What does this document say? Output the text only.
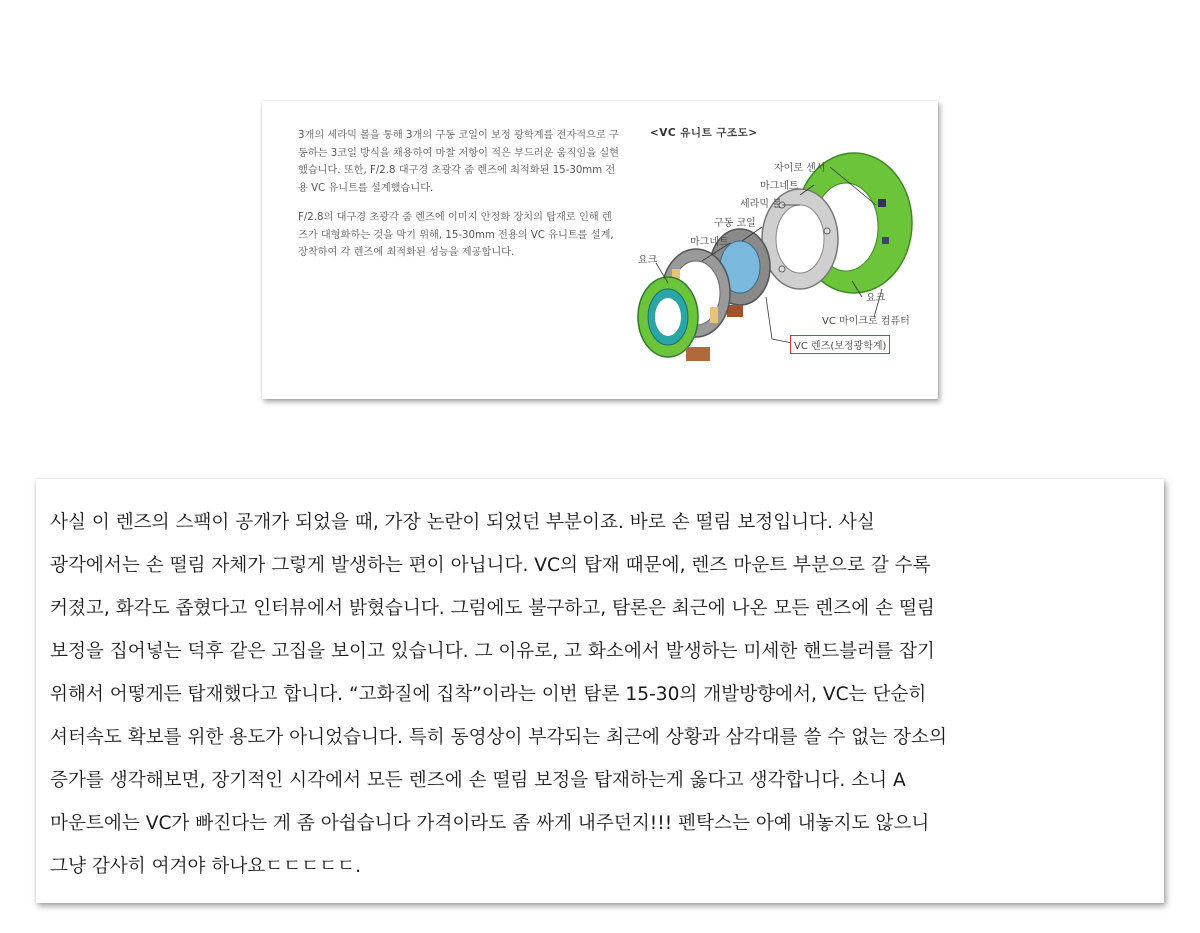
3개의 세라믹 볼을 통해 3개의 구동 코일이 보정 광학계를 전자적으로 구동하는 3코일 방식을 채용하여 마찰 저항이 적은 부드러운 움직임을 실현했습니다. 또한, F/2.8 대구경 초광각 줌 렌즈에 최적화된 15-30mm 전용 VC 유니트를 설계했습니다.

F/2.8의 대구경 초광각 줌 렌즈에 이미지 안정화 장치의 탑재로 인해 렌즈가 대형화하는 것을 막기 위해, 15-30mm 전용의 VC 유니트를 설계, 장착하여 각 렌즈에 최적화된 성능을 제공합니다.

<VC 유니트 구조도>
자이로 센서
마그네트
세라믹 볼
구동 코일
마그네트
요크
요크
VC 마이크로 컴퓨터
VC 렌즈(보정광학계)
사실 이 렌즈의 스팩이 공개가 되었을 때, 가장 논란이 되었던 부분이죠. 바로 손 떨림 보정입니다. 사실
광각에서는 손 떨림 자체가 그렇게 발생하는 편이 아닙니다. VC의 탑재 때문에, 렌즈 마운트 부분으로 갈 수록
커졌고, 화각도 좁혔다고 인터뷰에서 밝혔습니다. 그럼에도 불구하고, 탐론은 최근에 나온 모든 렌즈에 손 떨림
보정을 집어넣는 덕후 같은 고집을 보이고 있습니다. 그 이유로, 고 화소에서 발생하는 미세한 핸드블러를 잡기
위해서 어떻게든 탑재했다고 합니다. “고화질에 집착”이라는 이번 탐론 15-30의 개발방향에서, VC는 단순히
셔터속도 확보를 위한 용도가 아니었습니다. 특히 동영상이 부각되는 최근에 상황과 삼각대를 쓸 수 없는 장소의
증가를 생각해보면, 장기적인 시각에서 모든 렌즈에 손 떨림 보정을 탑재하는게 옳다고 생각합니다. 소니 A
마운트에는 VC가 빠진다는 게 좀 아쉽습니다 가격이라도 좀 싸게 내주던지!!! 펜탁스는 아예 내놓지도 않으니
그냥 감사히 여겨야 하나요ㄷㄷㄷㄷㄷ.
